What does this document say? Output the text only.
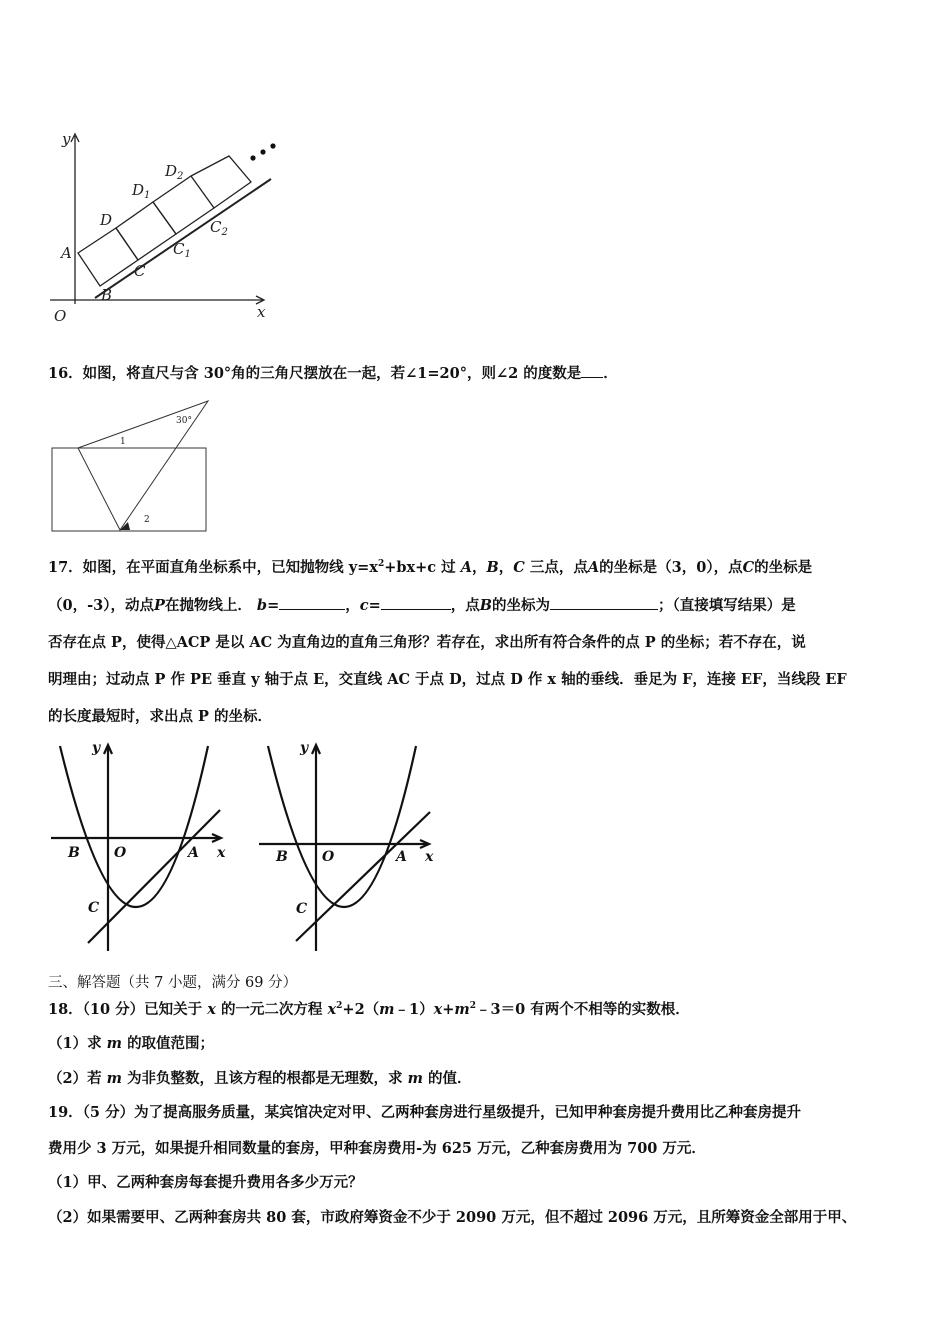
y
x
O
A
B
C
D
$D_1$
$D_2$
$C_1$
$C_2$
16．如图，将直尺与含 30°角的三角尺摆放在一起，若∠1=20°，则∠2 的度数是 ．
30°
1
2
17．如图，在平面直角坐标系中，已知抛物线 $y=x^2+bx+c$ 过 A，B，C 三点，点A的坐标是（3，0），点C的坐标是
（0，-3），动点P在抛物线上． b=	，c=	，点B的坐标为	；（直接填写结果）是
否存在点 P，使得△ACP 是以 AC 为直角边的直角三角形？若存在，求出所有符合条件的点 P 的坐标；若不存在，说
明理由；过动点 P 作 PE 垂直 y 轴于点 E，交直线 AC 于点 D，过点 D 作 x 轴的垂线．垂足为 F，连接 EF，当线段 EF
的长度最短时，求出点 P 的坐标．
y
x
O	A
B
C
y
x
O	A
B
C
三、解答题（共 7 小题，满分 69 分）
18．（10 分）已知关于 x 的一元二次方程 $x^2+2(m﹣1)x+m^2﹣3=0$ 有两个不相等的实数根．
（1）求 m 的取值范围；
（2）若 m 为非负整数，且该方程的根都是无理数，求 m 的值．
19．（5 分）为了提高服务质量，某宾馆决定对甲、乙两种套房进行星级提升，已知甲种套房提升费用比乙种套房提升
费用少 3 万元，如果提升相同数量的套房，甲种套房费用-为 625 万元，乙种套房费用为 700 万元．
（1）甲、乙两种套房每套提升费用各多少万元？
（2）如果需要甲、乙两种套房共 80 套，市政府筹资金不少于 2090 万元，但不超过 2096 万元，且所筹资金全部用于甲、
